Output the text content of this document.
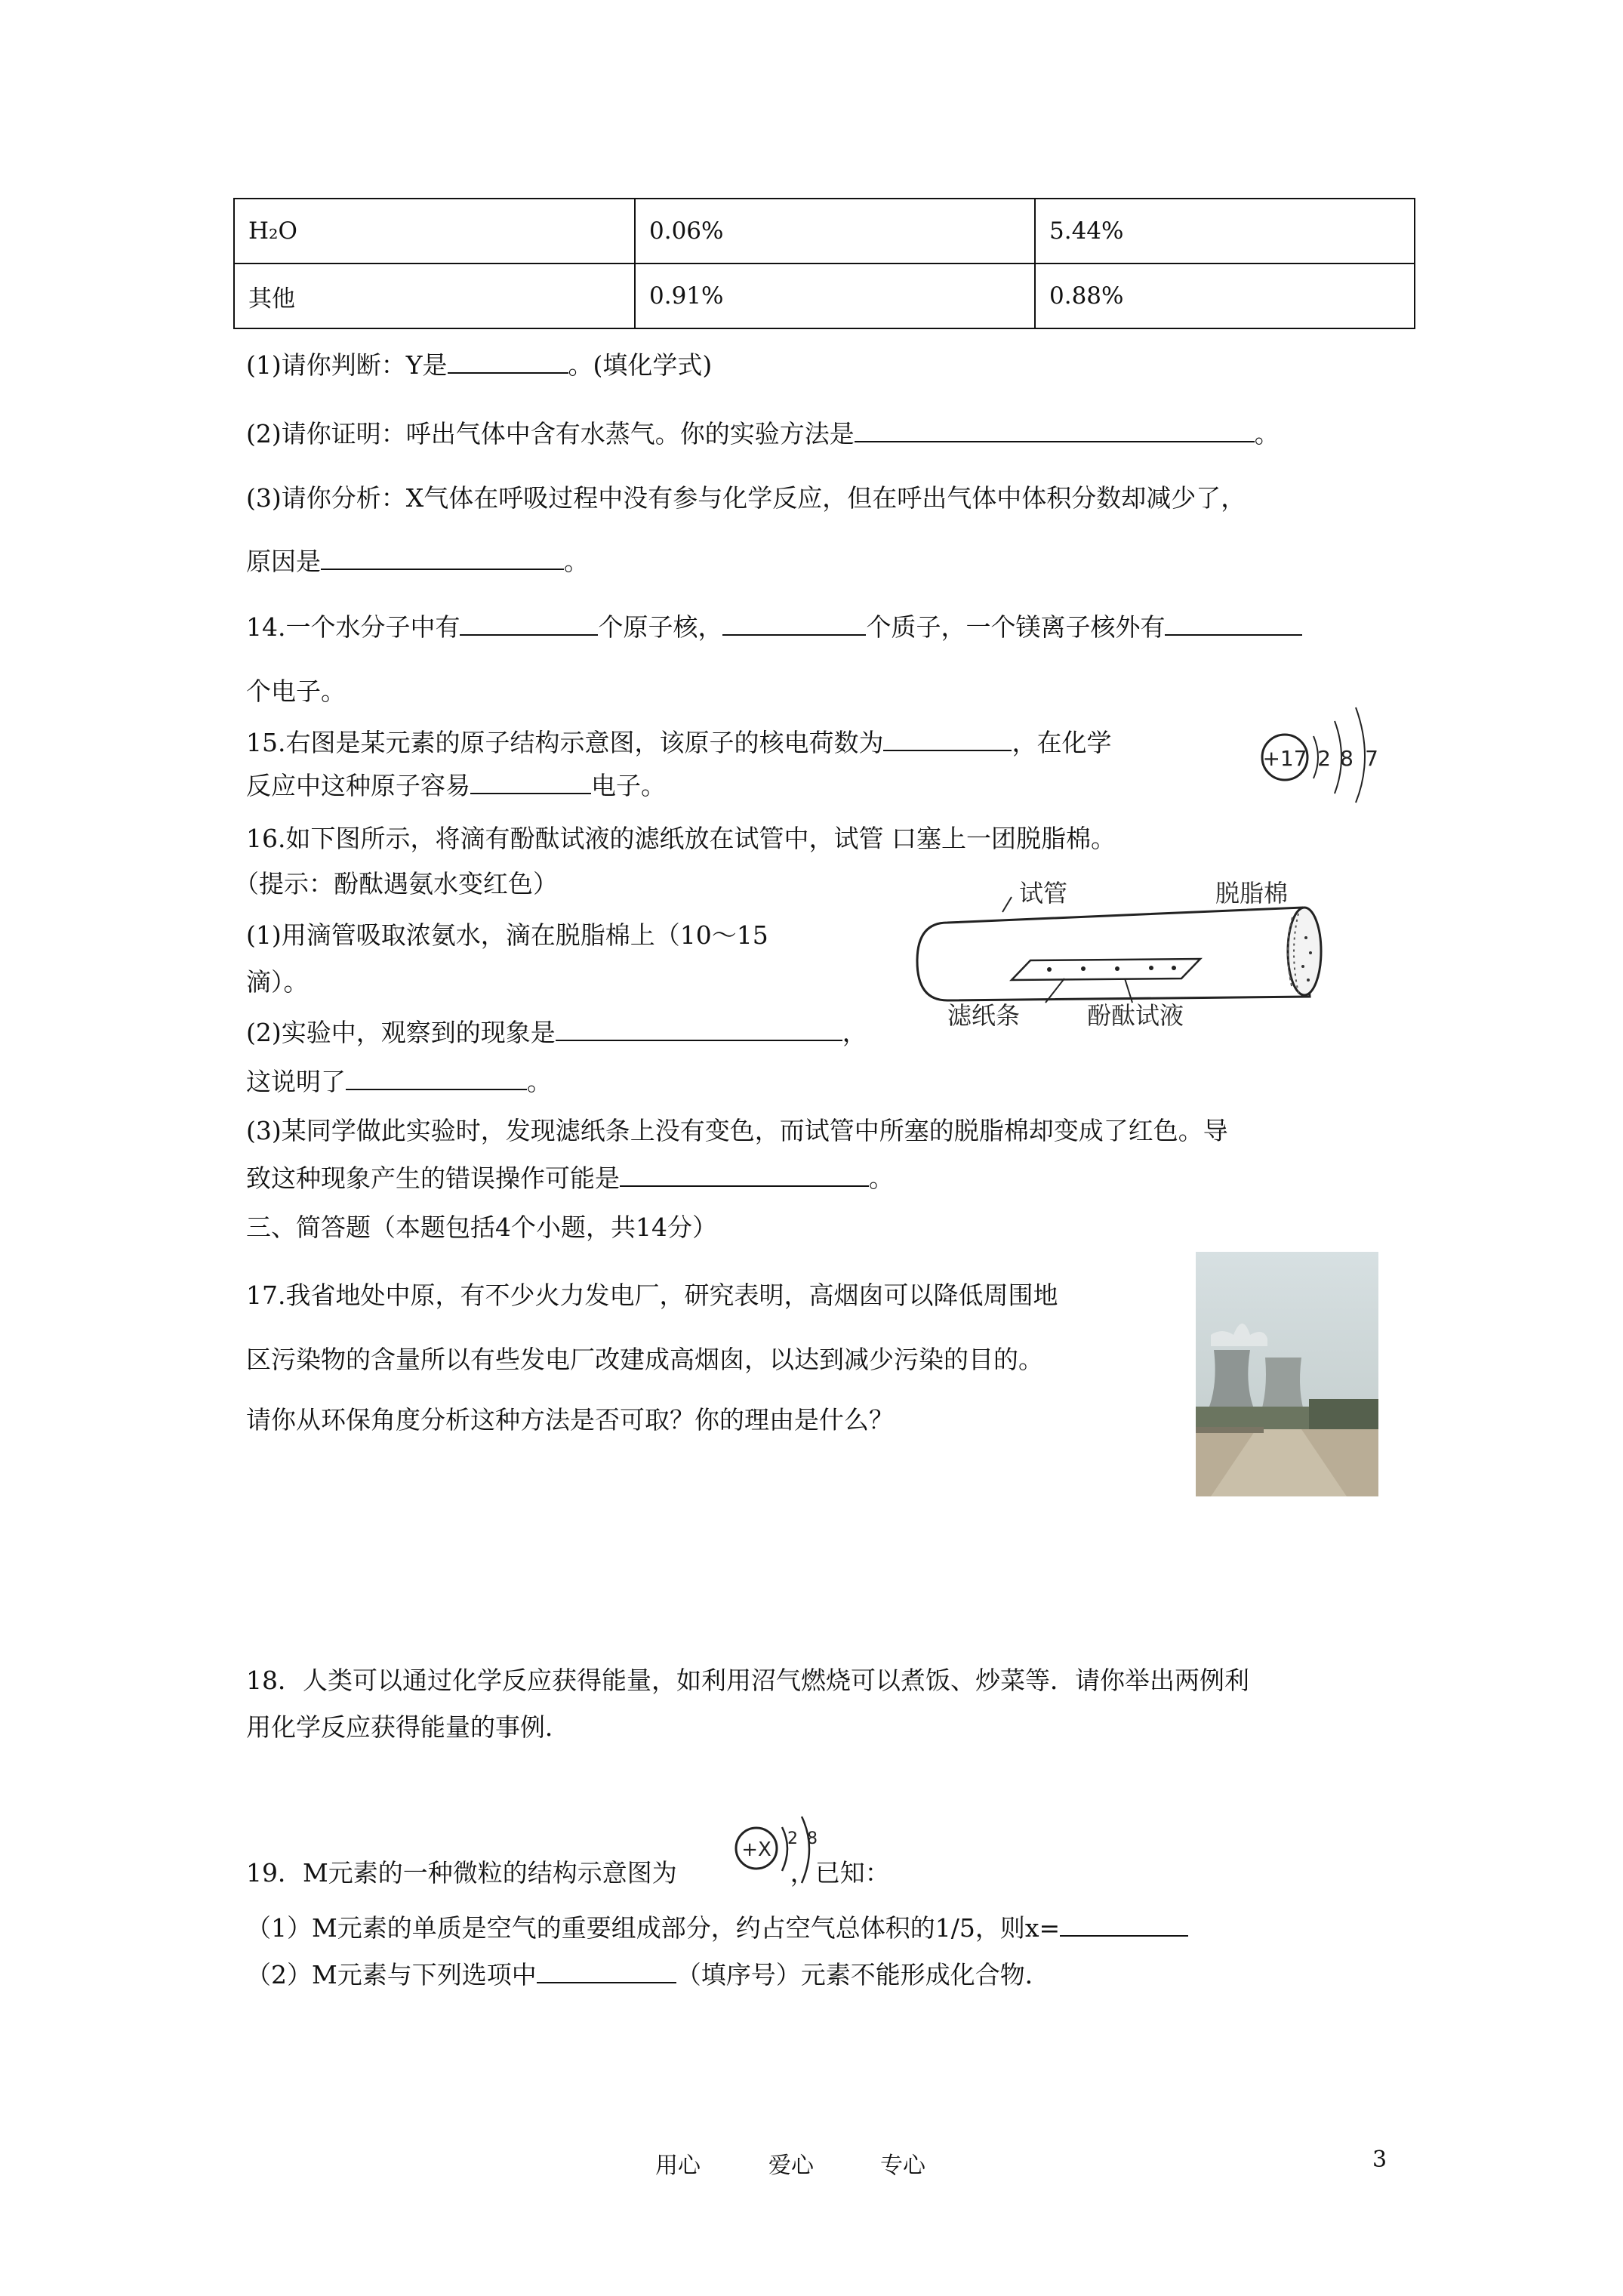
H₂O	0.06%	5.44%
其他	0.91%	0.88%
(1)请你判断：Y是	。(填化学式)
(2)请你证明：呼出气体中含有水蒸气。你的实验方法是	。
(3)请你分析：X气体在呼吸过程中没有参与化学反应，但在呼出气体中体积分数却减少了，
原因是	。
14.一个水分子中有	个原子核，	个质子，一个镁离子核外有
个电子。
15.右图是某元素的原子结构示意图，该原子的核电荷数为	，在化学
反应中这种原子容易	电子。
+17 2 8 7
16.如下图所示，将滴有酚酞试液的滤纸放在试管中，试管 口塞上一团脱脂棉。
（提示：酚酞遇氨水变红色）
(1)用滴管吸取浓氨水，滴在脱脂棉上（10～15
滴）。
(2)实验中，观察到的现象是	，
这说明了	。
(3)某同学做此实验时，发现滤纸条上没有变色，而试管中所塞的脱脂棉却变成了红色。导
致这种现象产生的错误操作可能是	。
试管	脱脂棉
滤纸条	酚酞试液
三、简答题（本题包括4个小题，共14分）
17.我省地处中原，有不少火力发电厂，研究表明，高烟囱可以降低周围地
区污染物的含量所以有些发电厂改建成高烟囱，以达到减少污染的目的。
请你从环保角度分析这种方法是否可取？你的理由是什么？
18．人类可以通过化学反应获得能量，如利用沼气燃烧可以煮饭、炒菜等．请你举出两例利
用化学反应获得能量的事例．
19．M元素的一种微粒的结构示意图为	，已知：
+X 2 8
（1）M元素的单质是空气的重要组成部分，约占空气总体积的1/5，则x=
（2）M元素与下列选项中	（填序号）元素不能形成化合物．
用心	爱心	专心	3
